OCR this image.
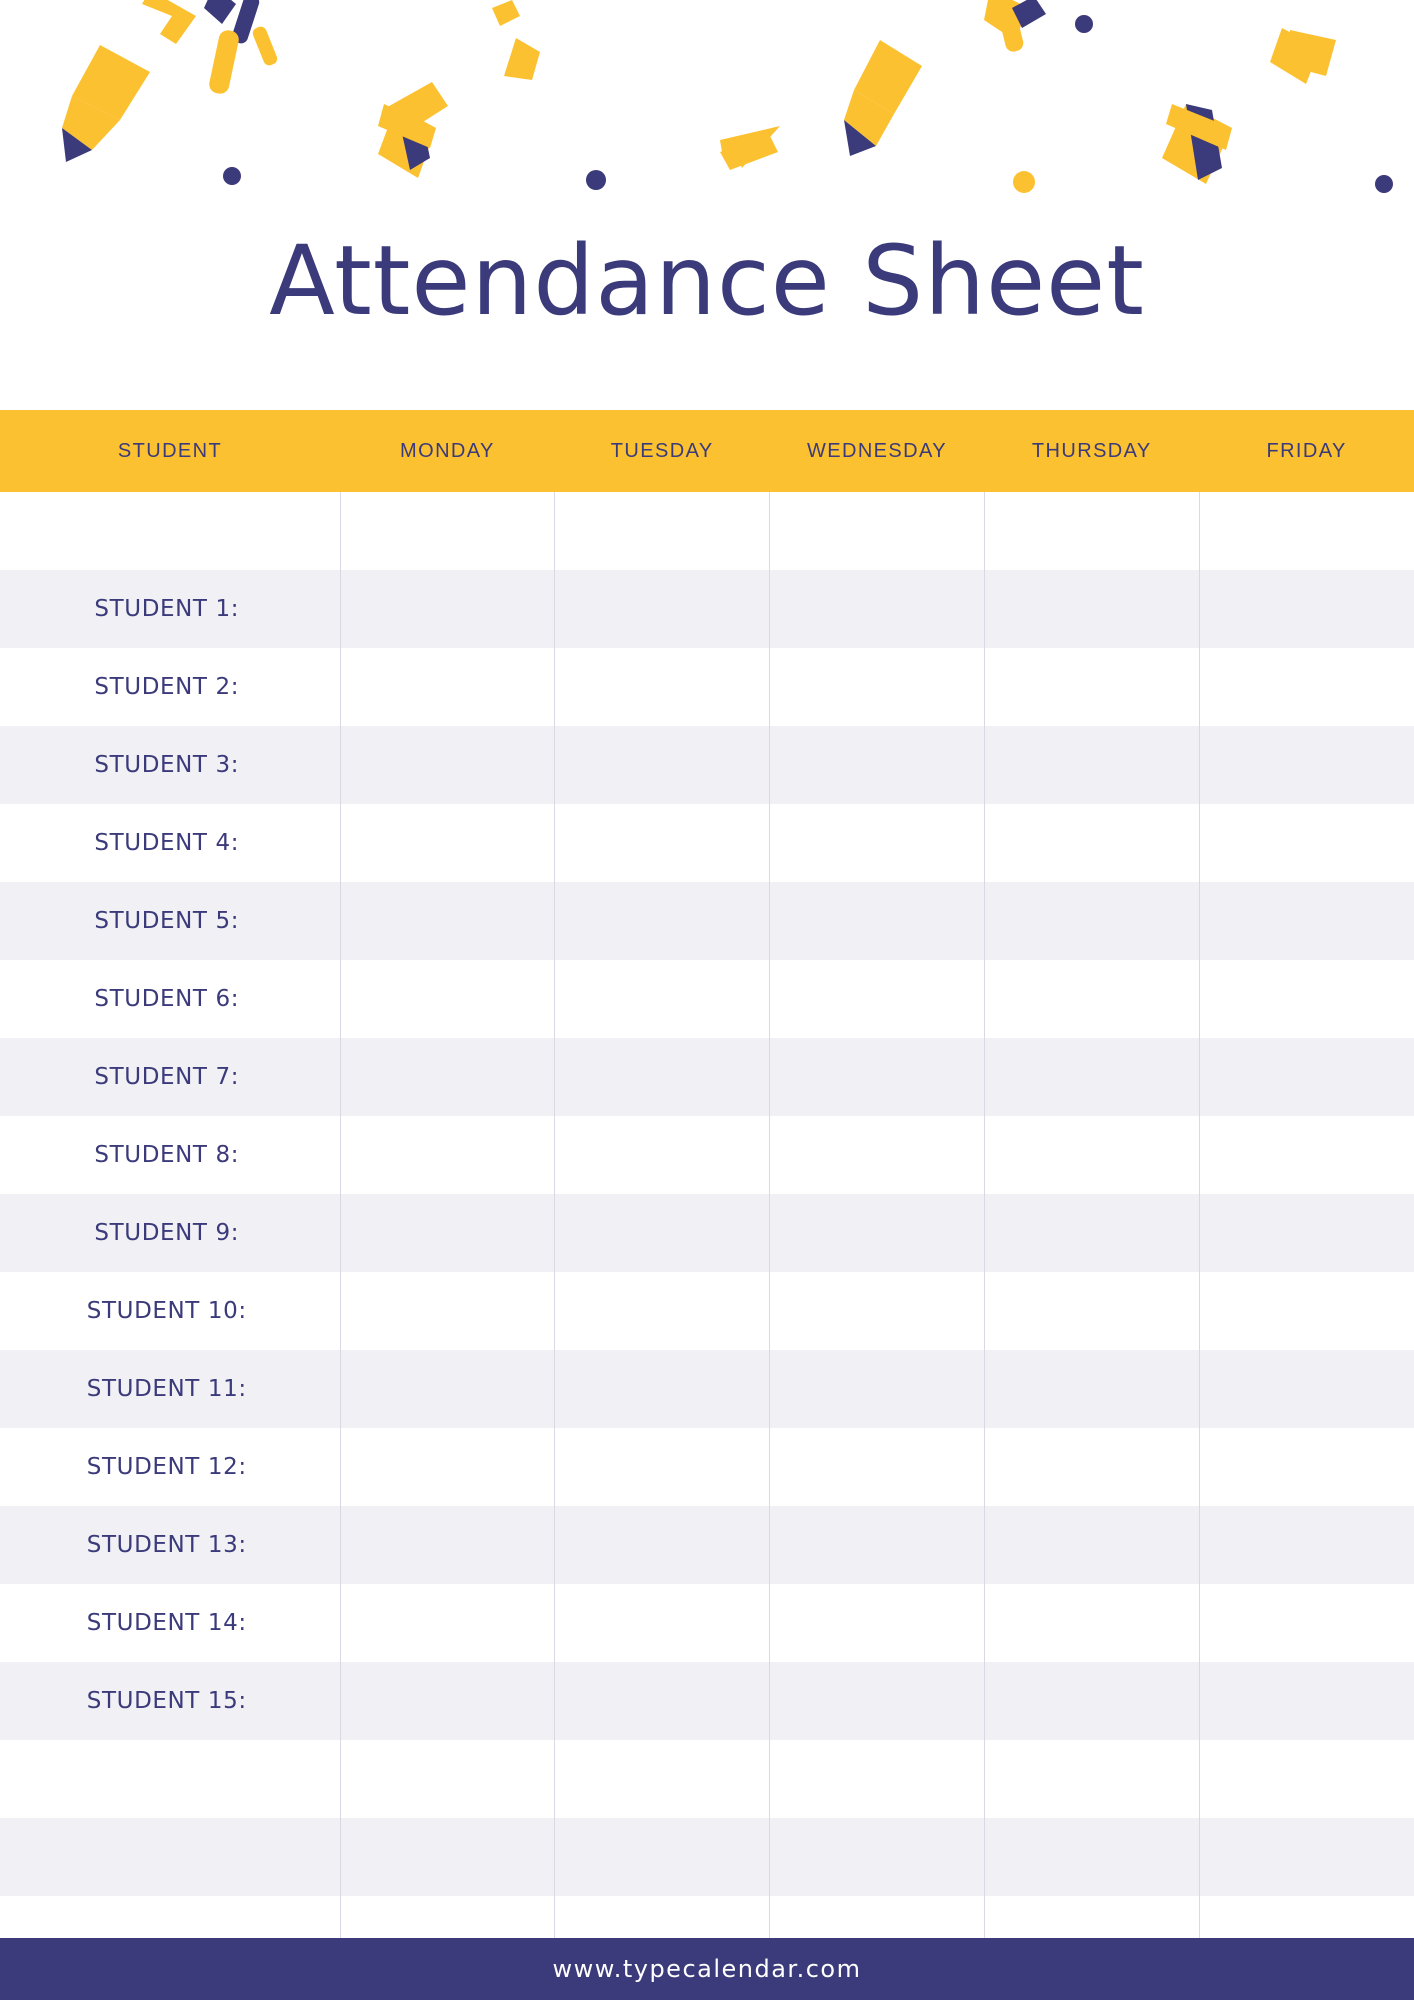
Attendance Sheet
STUDENT	MONDAY	TUESDAY	WEDNESDAY	THURSDAY	FRIDAY

STUDENT 1:					
STUDENT 2:					
STUDENT 3:					
STUDENT 4:					
STUDENT 5:					
STUDENT 6:					
STUDENT 7:					
STUDENT 8:					
STUDENT 9:					
STUDENT 10:					
STUDENT 11:					
STUDENT 12:					
STUDENT 13:					
STUDENT 14:					
STUDENT 15:					

www.typecalendar.com
